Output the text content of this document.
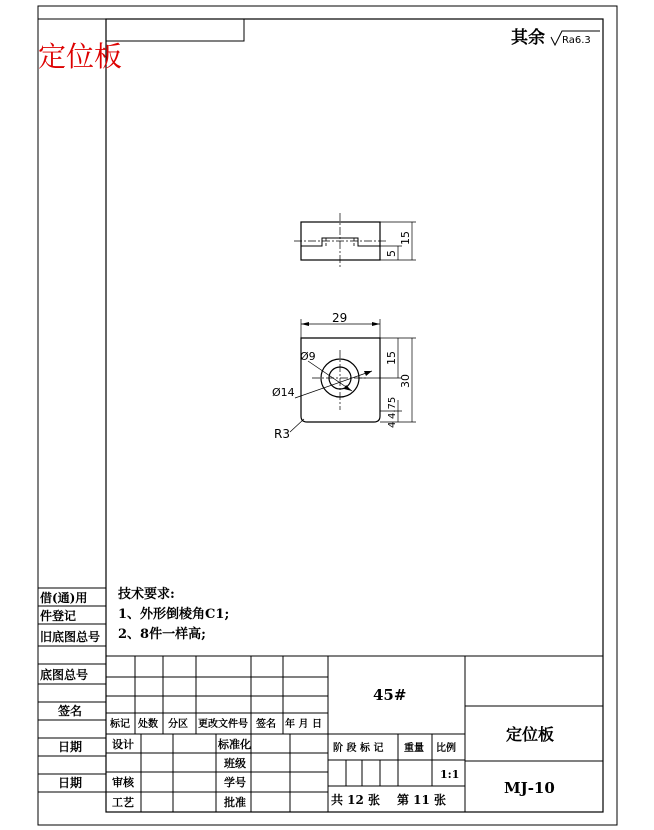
定位板
其余 Ra6.3
15
5
29
30
15
4.75
4
Ø9
Ø14
R3
技术要求:
1、外形倒棱角C1;
2、8件一样高;
借(通)用
件登记
旧底图总号
底图总号
签名
日期
日期
标记 处数 分区 更改文件号 签名 年 月 日
设计
审核
工艺
标准化
班级
学号
批准
45#
阶 段 标 记 重量 比例
1:1
共 12 张 第 11 张
定位板
MJ-10
